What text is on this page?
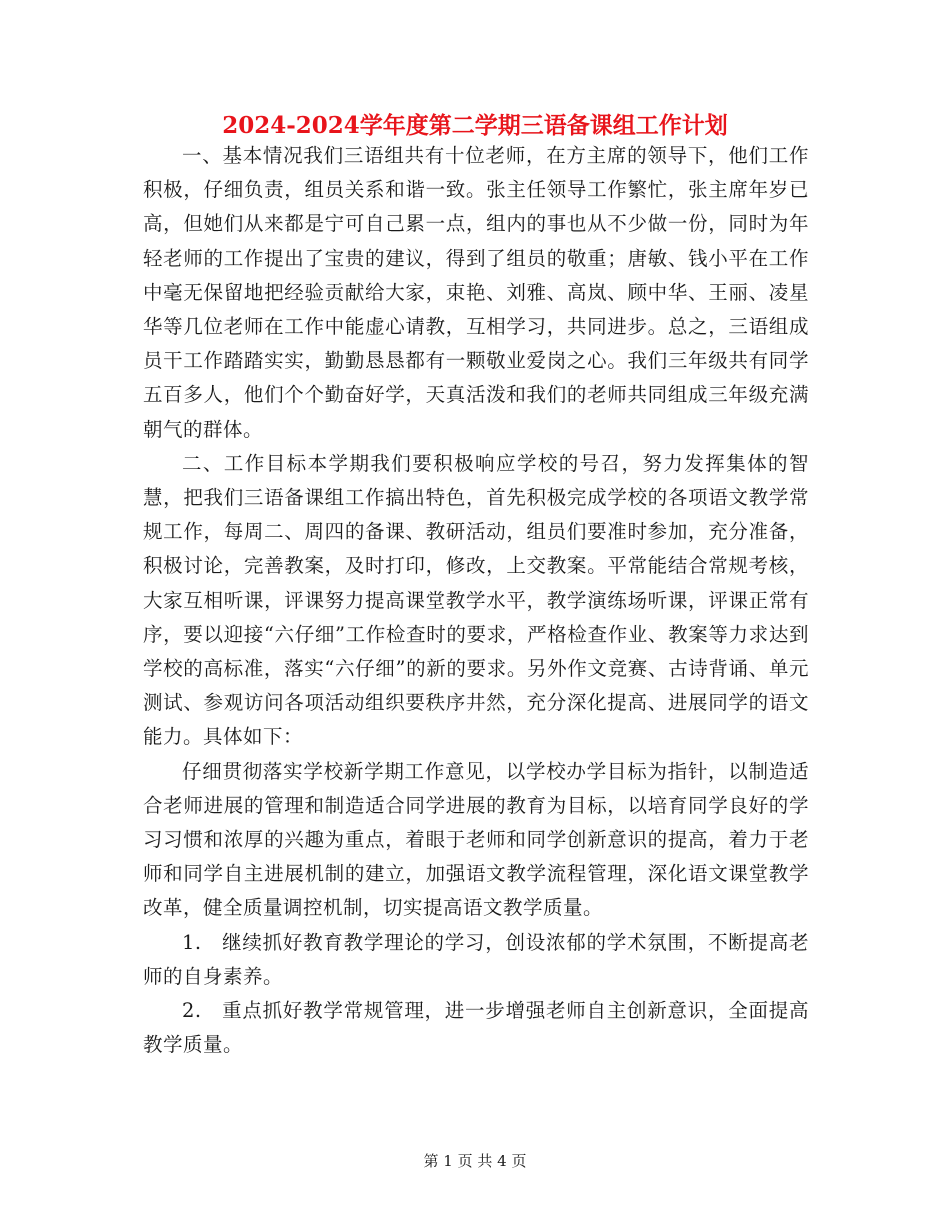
2024-2024学年度第二学期三语备课组工作计划

一、基本情况我们三语组共有十位老师，在方主席的领导下，他们工作积极，仔细负责，组员关系和谐一致。张主任领导工作繁忙，张主席年岁已高，但她们从来都是宁可自己累一点，组内的事也从不少做一份，同时为年轻老师的工作提出了宝贵的建议，得到了组员的敬重；唐敏、钱小平在工作中毫无保留地把经验贡献给大家，束艳、刘雅、高岚、顾中华、王丽、凌星华等几位老师在工作中能虚心请教，互相学习，共同进步。总之，三语组成员干工作踏踏实实，勤勤恳恳都有一颗敬业爱岗之心。我们三年级共有同学五百多人，他们个个勤奋好学，天真活泼和我们的老师共同组成三年级充满朝气的群体。

二、工作目标本学期我们要积极响应学校的号召，努力发挥集体的智慧，把我们三语备课组工作搞出特色，首先积极完成学校的各项语文教学常规工作，每周二、周四的备课、教研活动，组员们要准时参加，充分准备，积极讨论，完善教案，及时打印，修改，上交教案。平常能结合常规考核，大家互相听课，评课努力提高课堂教学水平，教学演练场听课，评课正常有序，要以迎接“六仔细”工作检查时的要求，严格检查作业、教案等力求达到学校的高标准，落实“六仔细”的新的要求。另外作文竞赛、古诗背诵、单元测试、参观访问各项活动组织要秩序井然，充分深化提高、进展同学的语文能力。具体如下：

仔细贯彻落实学校新学期工作意见，以学校办学目标为指针，以制造适合老师进展的管理和制造适合同学进展的教育为目标，以培育同学良好的学习习惯和浓厚的兴趣为重点，着眼于老师和同学创新意识的提高，着力于老师和同学自主进展机制的建立，加强语文教学流程管理，深化语文课堂教学改革，健全质量调控机制，切实提高语文教学质量。

1.　继续抓好教育教学理论的学习，创设浓郁的学术氛围，不断提高老师的自身素养。

2.　重点抓好教学常规管理，进一步增强老师自主创新意识，全面提高教学质量。

第 1 页 共 4 页
